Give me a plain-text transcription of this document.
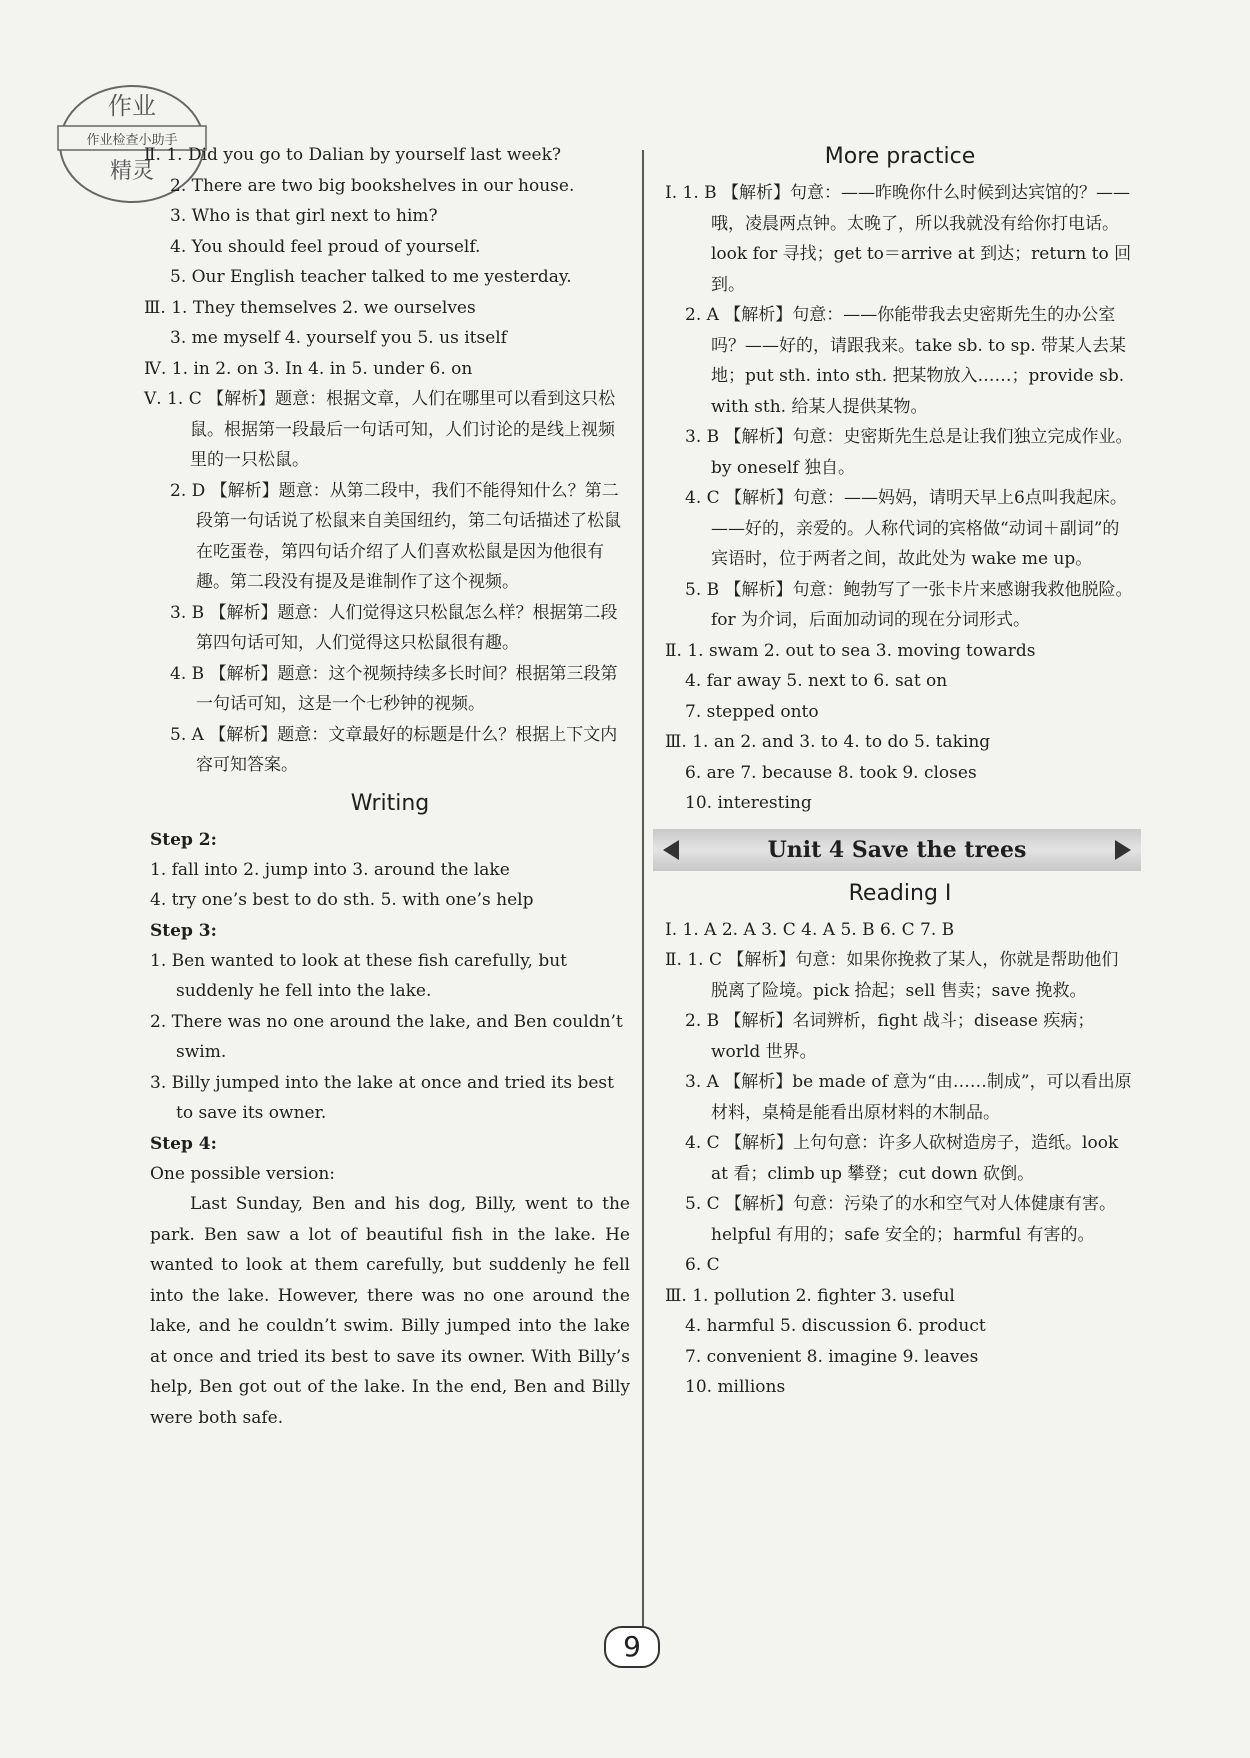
作业
作业检查小助手
精灵

Ⅱ. 1. Did you go to Dalian by yourself last week?

2. There are two big bookshelves in our house.

3. Who is that girl next to him?

4. You should feel proud of yourself.

5. Our English teacher talked to me yesterday.

Ⅲ. 1. They themselves 2. we ourselves

3. me myself 4. yourself you 5. us itself

Ⅳ. 1. in 2. on 3. In 4. in 5. under 6. on

Ⅴ. 1. C 【解析】题意：根据文章，人们在哪里可以看到这只松鼠。根据第一段最后一句话可知，人们讨论的是线上视频里的一只松鼠。

2. D 【解析】题意：从第二段中，我们不能得知什么？第二段第一句话说了松鼠来自美国纽约，第二句话描述了松鼠在吃蛋卷，第四句话介绍了人们喜欢松鼠是因为他很有趣。第二段没有提及是谁制作了这个视频。

3. B 【解析】题意：人们觉得这只松鼠怎么样？根据第二段第四句话可知，人们觉得这只松鼠很有趣。

4. B 【解析】题意：这个视频持续多长时间？根据第三段第一句话可知，这是一个七秒钟的视频。

5. A 【解析】题意：文章最好的标题是什么？根据上下文内容可知答案。

Writing
Step 2:

1. fall into 2. jump into 3. around the lake

4. try one’s best to do sth. 5. with one’s help

Step 3:

1. Ben wanted to look at these fish carefully, but suddenly he fell into the lake.

2. There was no one around the lake, and Ben couldn’t swim.

3. Billy jumped into the lake at once and tried its best to save its owner.

Step 4:

One possible version:

Last Sunday, Ben and his dog, Billy, went to the park. Ben saw a lot of beautiful fish in the lake. He wanted to look at them carefully, but suddenly he fell into the lake. However, there was no one around the lake, and he couldn’t swim. Billy jumped into the lake at once and tried its best to save its owner. With Billy’s help, Ben got out of the lake. In the end, Ben and Billy were both safe.

More practice

Ⅰ. 1. B 【解析】句意：——昨晚你什么时候到达宾馆的？——哦，凌晨两点钟。太晚了，所以我就没有给你打电话。look for 寻找；get to＝arrive at 到达；return to 回到。

2. A 【解析】句意：——你能带我去史密斯先生的办公室吗？——好的，请跟我来。take sb. to sp. 带某人去某地；put sth. into sth. 把某物放入……；provide sb. with sth. 给某人提供某物。

3. B 【解析】句意：史密斯先生总是让我们独立完成作业。by oneself 独自。

4. C 【解析】句意：——妈妈，请明天早上6点叫我起床。——好的，亲爱的。人称代词的宾格做“动词＋副词”的宾语时，位于两者之间，故此处为 wake me up。

5. B 【解析】句意：鲍勃写了一张卡片来感谢我救他脱险。for 为介词，后面加动词的现在分词形式。

Ⅱ. 1. swam 2. out to sea 3. moving towards

4. far away 5. next to 6. sat on

7. stepped onto

Ⅲ. 1. an 2. and 3. to 4. to do 5. taking

6. are 7. because 8. took 9. closes

10. interesting

Unit 4 Save the trees
Reading Ⅰ

Ⅰ. 1. A 2. A 3. C 4. A 5. B 6. C 7. B

Ⅱ. 1. C 【解析】句意：如果你挽救了某人，你就是帮助他们脱离了险境。pick 拾起；sell 售卖；save 挽救。

2. B 【解析】名词辨析，fight 战斗；disease 疾病；world 世界。

3. A 【解析】be made of 意为“由……制成”，可以看出原材料，桌椅是能看出原材料的木制品。

4. C 【解析】上句句意：许多人砍树造房子，造纸。look at 看；climb up 攀登；cut down 砍倒。

5. C 【解析】句意：污染了的水和空气对人体健康有害。helpful 有用的；safe 安全的；harmful 有害的。

6. C

Ⅲ. 1. pollution 2. fighter 3. useful

4. harmful 5. discussion 6. product

7. convenient 8. imagine 9. leaves

10. millions

9
